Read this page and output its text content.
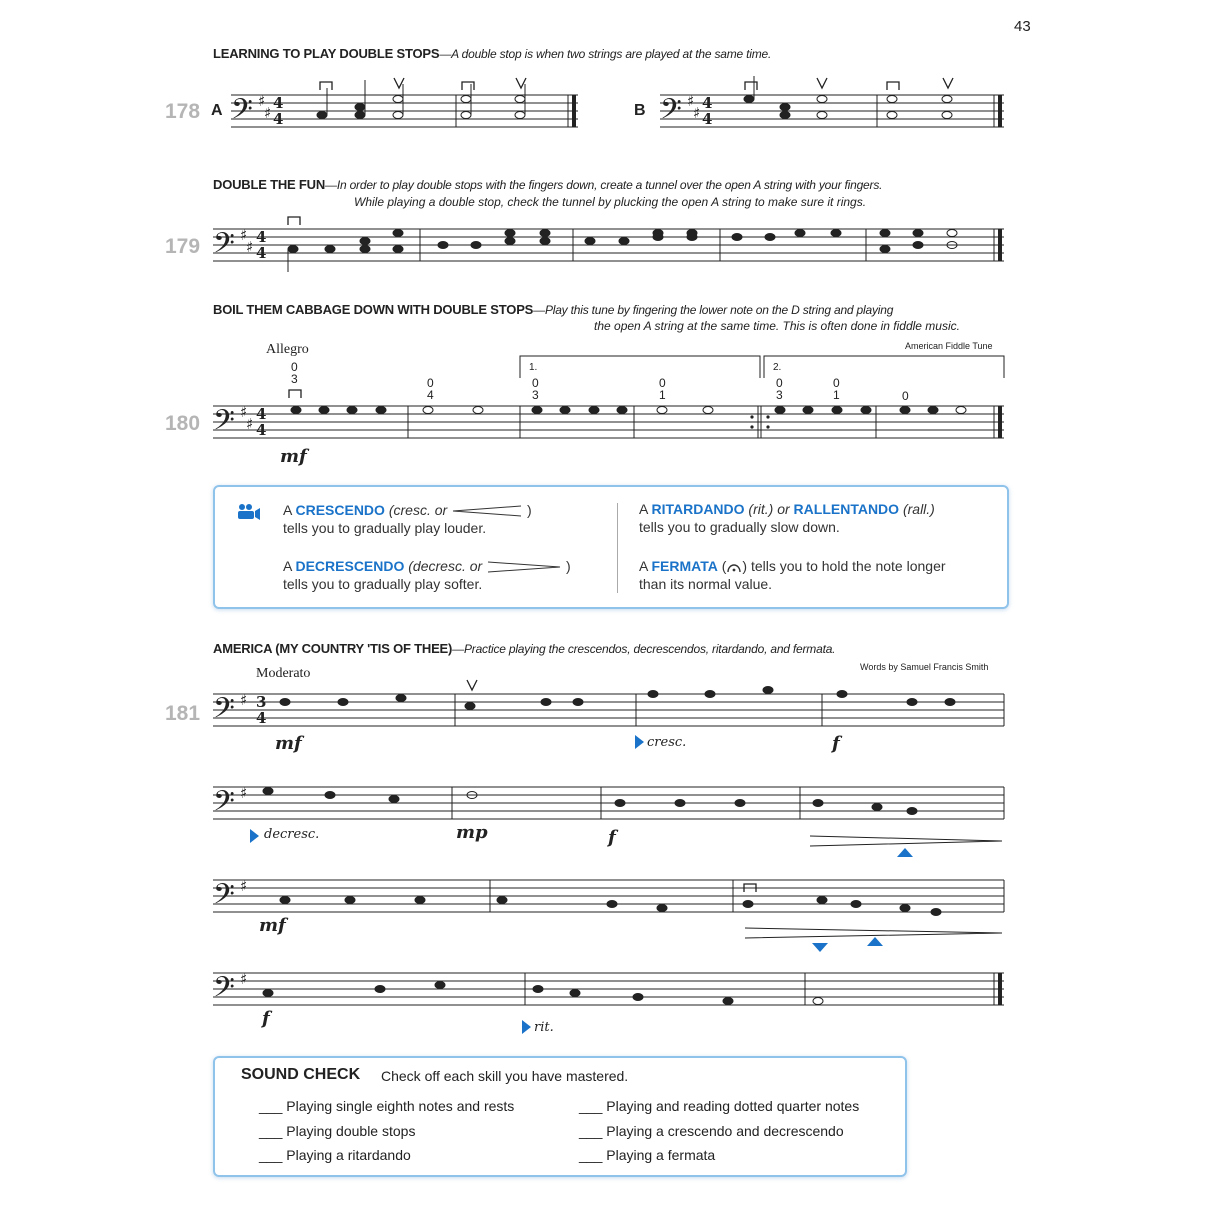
43
LEARNING TO PLAY DOUBLE STOPS—A double stop is when two strings are played at the same time.
178 A	B
𝄢	𝄢
𝄢
𝄢
𝄢
𝄢
𝄢
𝄢
♯
♯
♯
♯
♯
♯
♯
♯
♯
♯
♯
♯
4
4
4
4
4
4
4
4
3
4
DOUBLE THE FUN—In order to play double stops with the fingers down, create a tunnel over the open A string with your fingers.
While playing a double stop, check the tunnel by plucking the open A string to make sure it rings.
179
BOIL THEM CABBAGE DOWN WITH DOUBLE STOPS—Play this tune by fingering the lower note on the D string and playing
the open A string at the same time. This is often done in fiddle music.
Allegro	American Fiddle Tune
180
mf
1.	2.
0
3	0
4
0
3
0
1
0
3
0
1	0

A CRESCENDO (cresc. or	)

tells you to gradually play louder.

A DECRESCENDO (decresc. or	)

tells you to gradually play softer.

A RITARDANDO (rit.) or RALLENTANDO (rall.)

tells you to gradually slow down.

A FERMATA ( ) tells you to hold the note longer

than its normal value.

AMERICA (MY COUNTRY 'TIS OF THEE)—Practice playing the crescendos, decrescendos, ritardando, and fermata.
Moderato	Words by Samuel Francis Smith
181
mf	cresc.	f
decresc.	mp	f
mf
f	rit.
SOUND CHECK Check off each skill you have mastered.
___ Playing single eighth notes and rests
___ Playing double stops
___ Playing a ritardando
___ Playing and reading dotted quarter notes
___ Playing a crescendo and decrescendo
___ Playing a fermata
